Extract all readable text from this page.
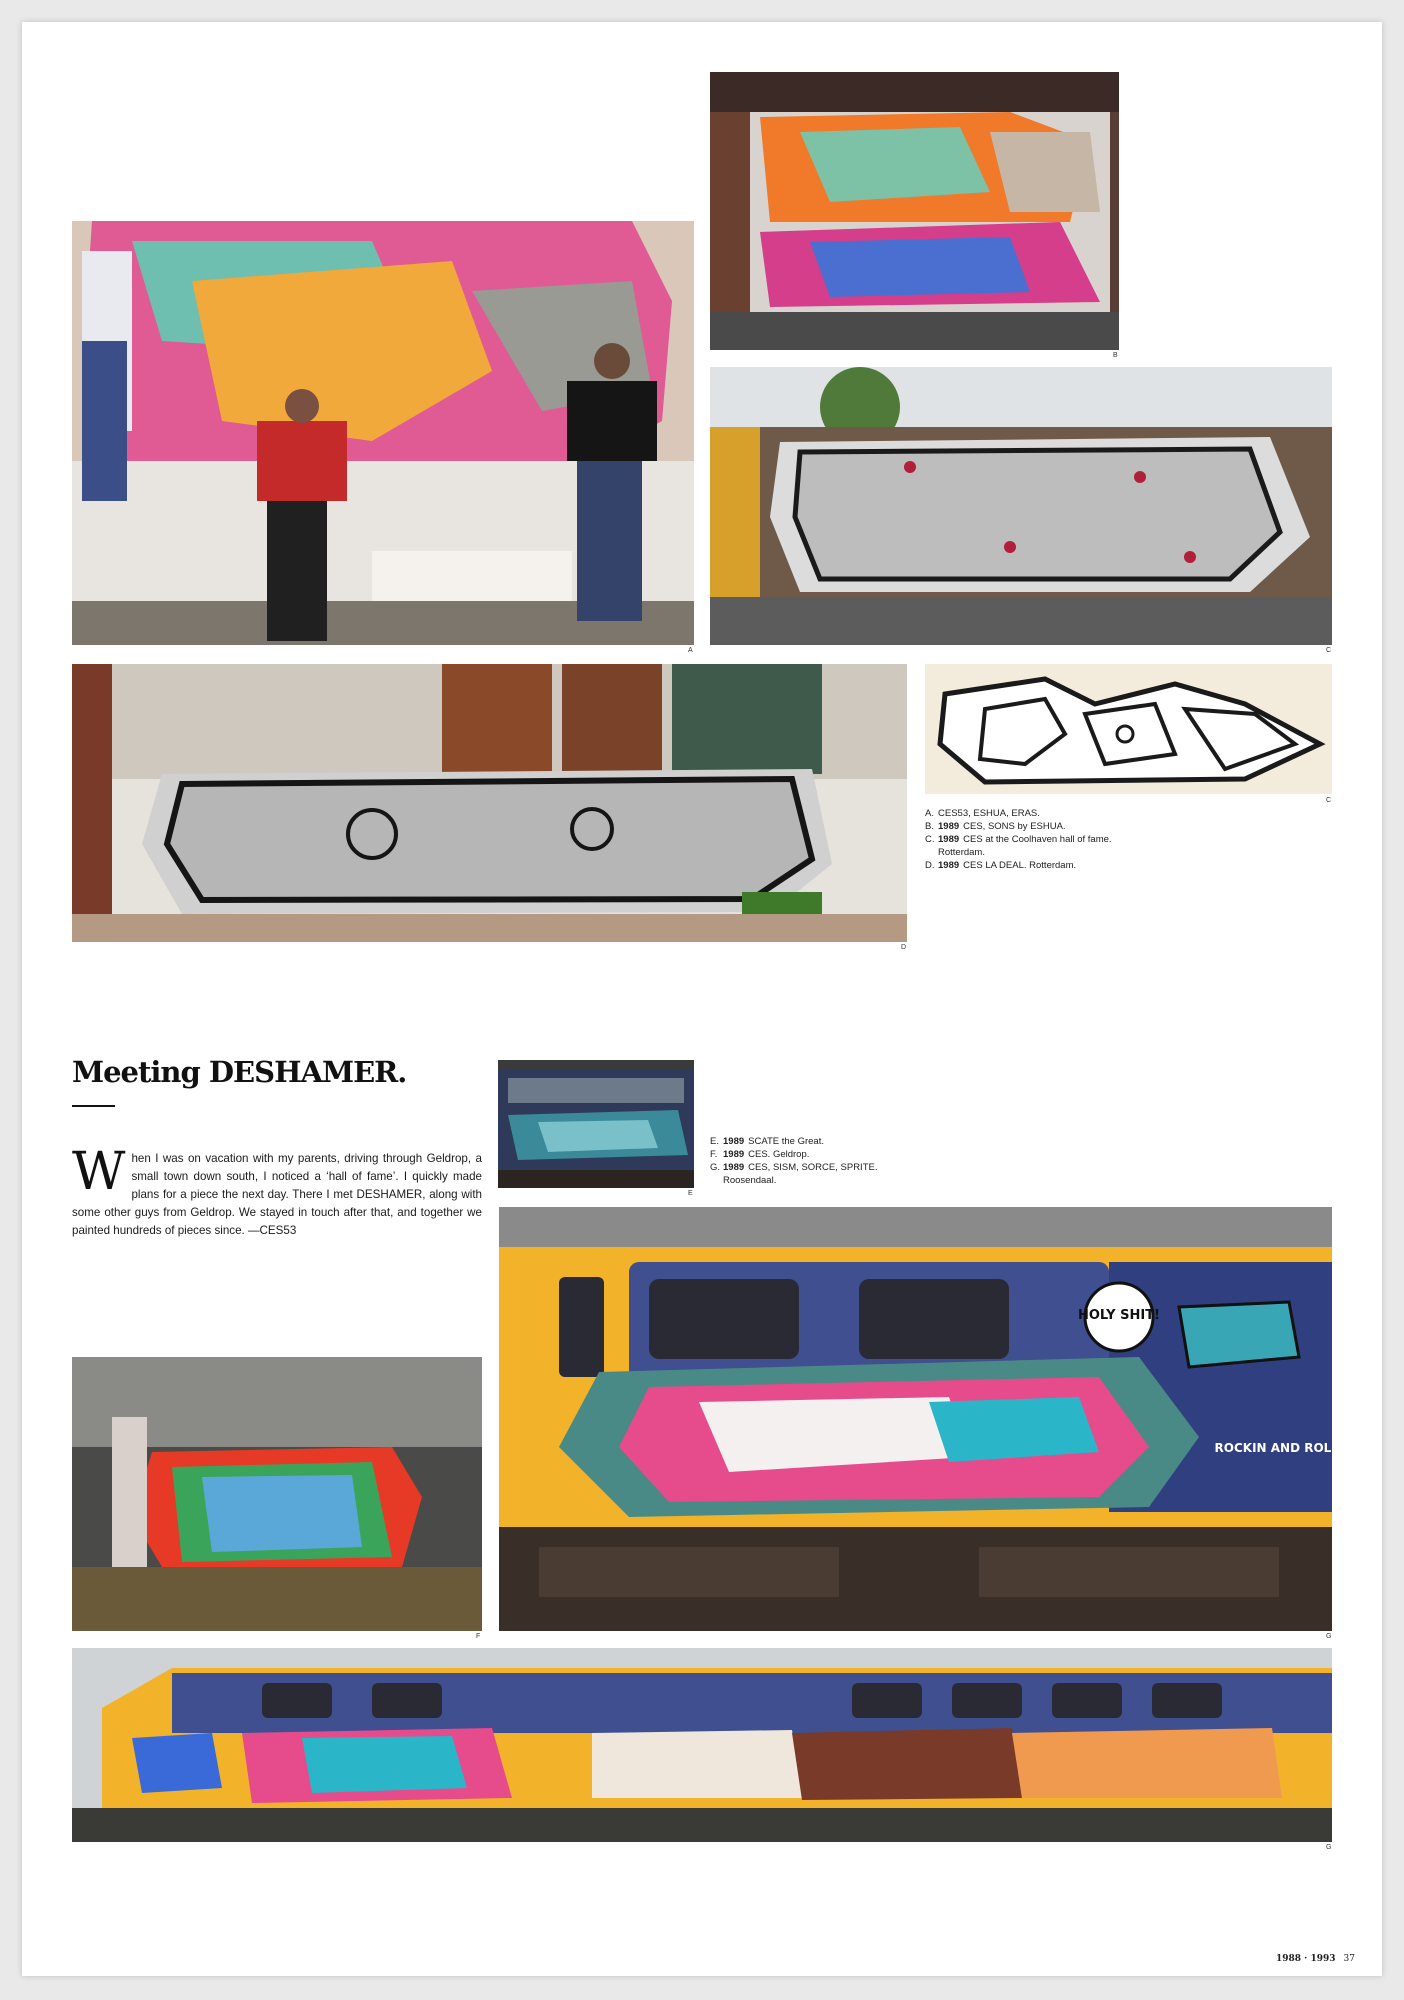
A
B
C
D
C
A. CES53, ESHUA, ERAS.
B. 1989 CES, SONS by ESHUA.
C. 1989 CES at the Coolhaven hall of fame.
Rotterdam.
D. 1989 CES LA DEAL. Rotterdam.
Meeting DESHAMER.
W hen I was on vacation with my parents, driving through Geldrop, a small town down south, I noticed a ‘hall of fame’. I quickly made plans for a piece the next day. There I met DESHAMER, along with some other guys from Geldrop. We stayed in touch after that, and together we painted hundreds of pieces since. —CES53
E
E. 1989 SCATE the Great.
F. 1989 CES. Geldrop.
G. 1989 CES, SISM, SORCE, SPRITE.
Roosendaal.
HOLY SHIT!
ROCKIN AND ROLLIN
G
F
G
1988 · 1993 37
